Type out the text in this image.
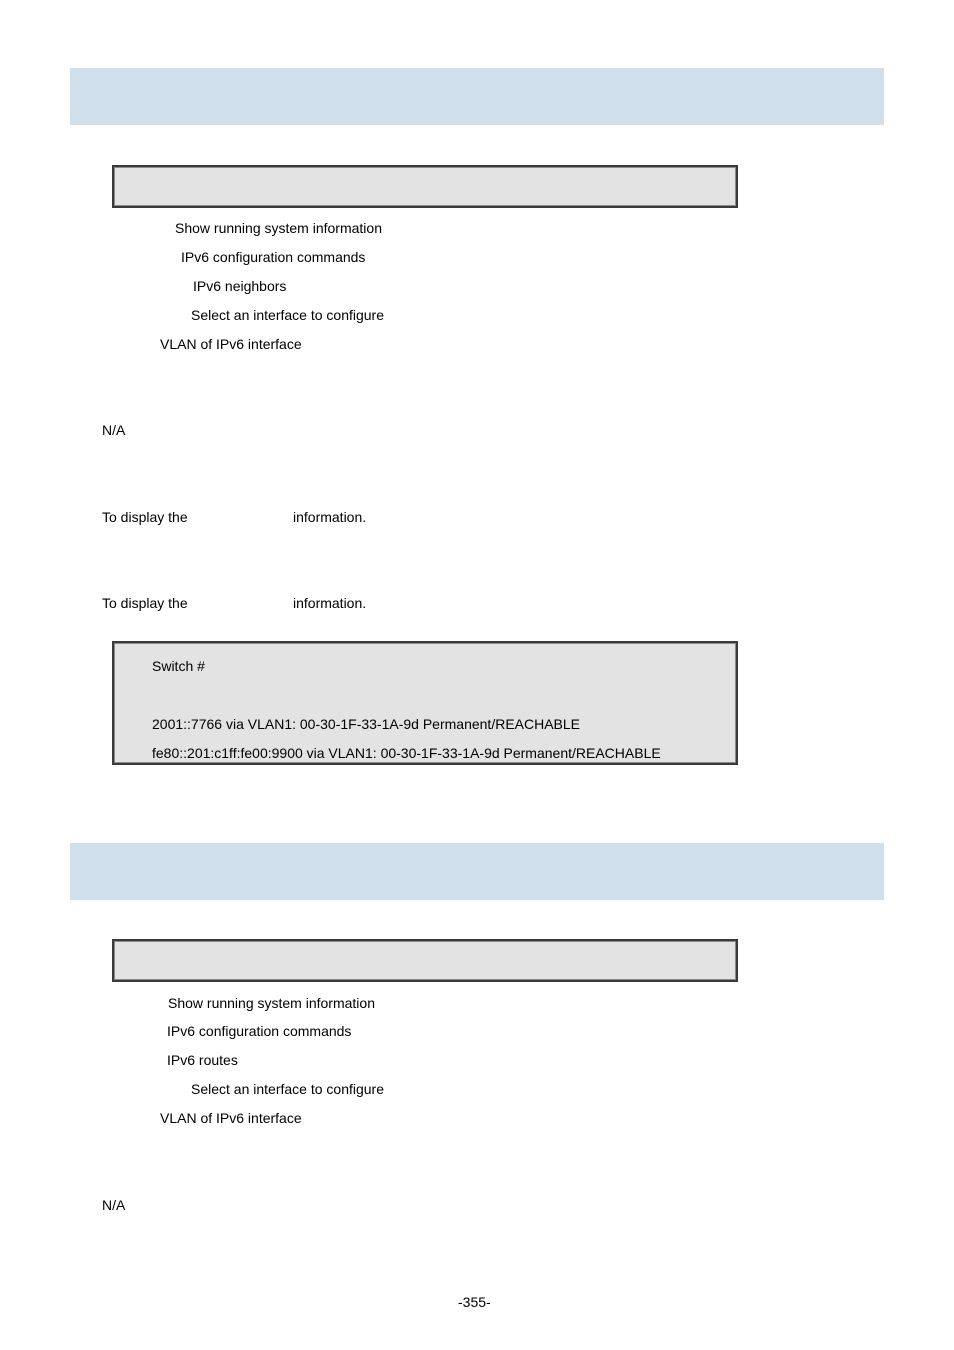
Show running system information
IPv6 configuration commands
IPv6 neighbors
Select an interface to configure
VLAN of IPv6 interface
N/A
To display the	information.
To display the	information.
Switch #
2001::7766 via VLAN1: 00-30-1F-33-1A-9d Permanent/REACHABLE
fe80::201:c1ff:fe00:9900 via VLAN1: 00-30-1F-33-1A-9d Permanent/REACHABLE
Show running system information
IPv6 configuration commands
IPv6 routes
Select an interface to configure
VLAN of IPv6 interface
N/A
-355-
